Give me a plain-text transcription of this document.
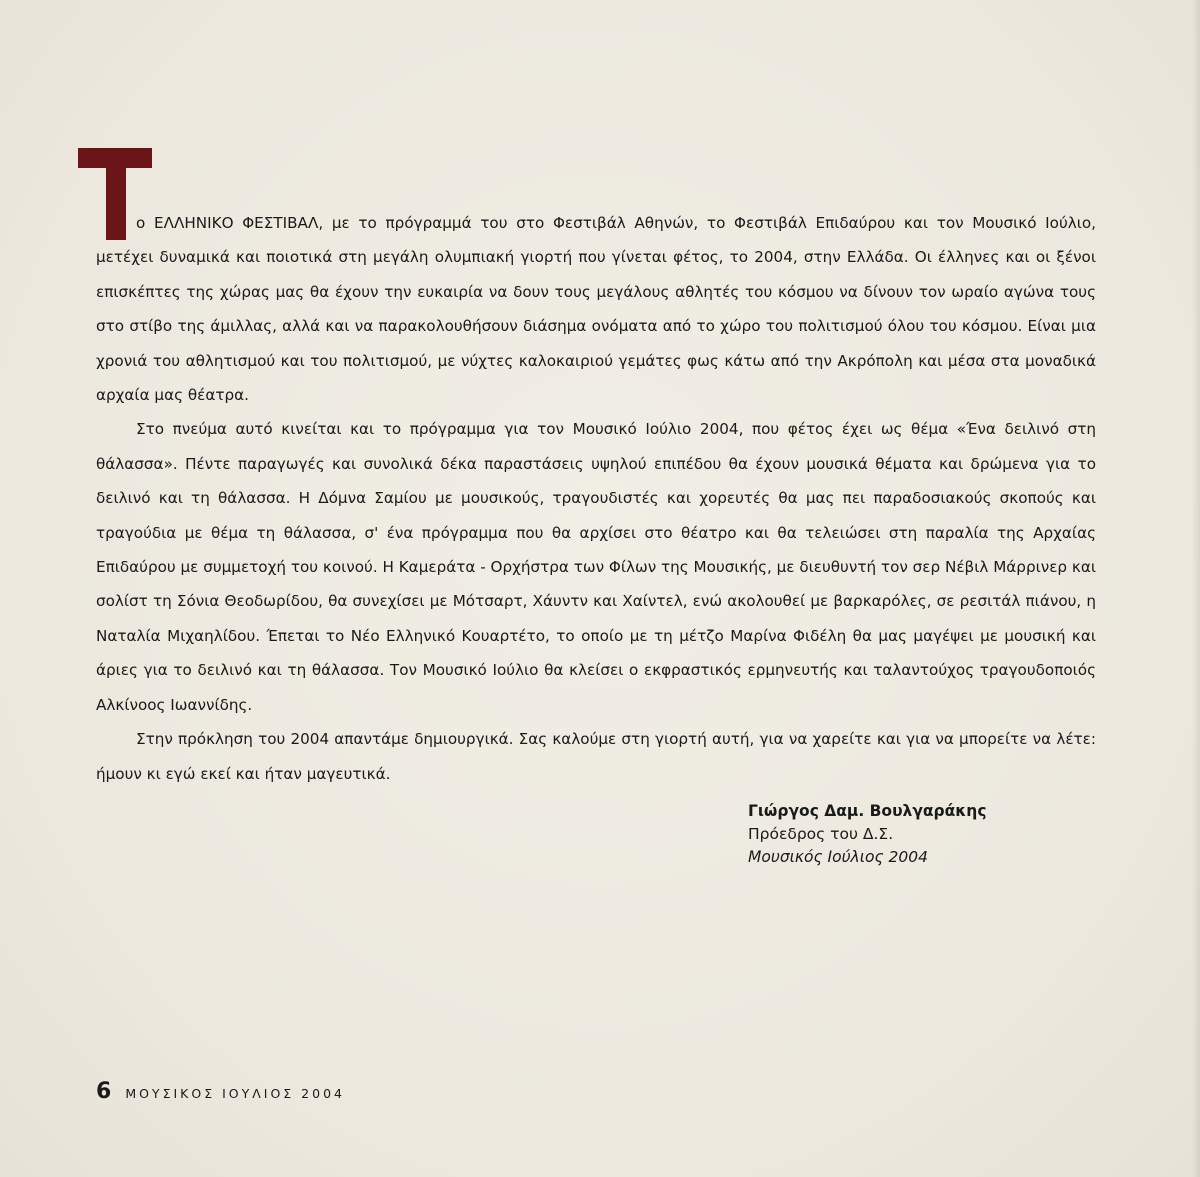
ο ΕΛΛΗΝΙΚΟ ΦΕΣΤΙΒΑΛ, με το πρόγραμμά του στο Φεστιβάλ Αθηνών, το Φεστιβάλ Επιδαύρου και τον Μουσικό Ιούλιο, μετέχει δυναμικά και ποιοτικά στη μεγάλη ολυμπιακή γιορτή που γίνεται φέτος, το 2004, στην Ελλάδα. Οι έλληνες και οι ξένοι επισκέπτες της χώρας μας θα έχουν την ευκαιρία να δουν τους μεγάλους αθλητές του κόσμου να δίνουν τον ωραίο αγώνα τους στο στίβο της άμιλλας, αλλά και να παρακολουθήσουν διάσημα ονόματα από το χώρο του πολιτισμού όλου του κόσμου. Είναι μια χρονιά του αθλητισμού και του πολιτισμού, με νύχτες καλοκαιριού γεμάτες φως κάτω από την Ακρόπολη και μέσα στα μοναδικά αρχαία μας θέατρα.

Στο πνεύμα αυτό κινείται και το πρόγραμμα για τον Μουσικό Ιούλιο 2004, που φέτος έχει ως θέμα «Ένα δειλινό στη θάλασσα». Πέντε παραγωγές και συνολικά δέκα παραστάσεις υψηλού επιπέδου θα έχουν μουσικά θέματα και δρώμενα για το δειλινό και τη θάλασσα. Η Δόμνα Σαμίου με μουσικούς, τραγουδιστές και χορευτές θα μας πει παραδοσιακούς σκοπούς και τραγούδια με θέμα τη θάλασσα, σ' ένα πρόγραμμα που θα αρχίσει στο θέατρο και θα τελειώσει στη παραλία της Αρχαίας Επιδαύρου με συμμετοχή του κοινού. Η Καμεράτα - Ορχήστρα των Φίλων της Μουσικής, με διευθυντή τον σερ Νέβιλ Μάρρινερ και σολίστ τη Σόνια Θεοδωρίδου, θα συνεχίσει με Μότσαρτ, Χάυντν και Χαίντελ, ενώ ακολουθεί με βαρκαρόλες, σε ρεσιτάλ πιάνου, η Ναταλία Μιχαηλίδου. Έπεται το Νέο Ελληνικό Κουαρτέτο, το οποίο με τη μέτζο Μαρίνα Φιδέλη θα μας μαγέψει με μουσική και άριες για το δειλινό και τη θάλασσα. Τον Μουσικό Ιούλιο θα κλείσει ο εκφραστικός ερμηνευτής και ταλαντούχος τραγουδοποιός Αλκίνοος Ιωαννίδης.

Στην πρόκληση του 2004 απαντάμε δημιουργικά. Σας καλούμε στη γιορτή αυτή, για να χαρείτε και για να μπορείτε να λέτε: ήμουν κι εγώ εκεί και ήταν μαγευτικά.

Γιώργος Δαμ. Βουλγαράκης
Πρόεδρος του Δ.Σ.
Μουσικός Ιούλιος 2004
6 ΜΟΥΣΙΚΟΣ ΙΟΥΛΙΟΣ 2004
